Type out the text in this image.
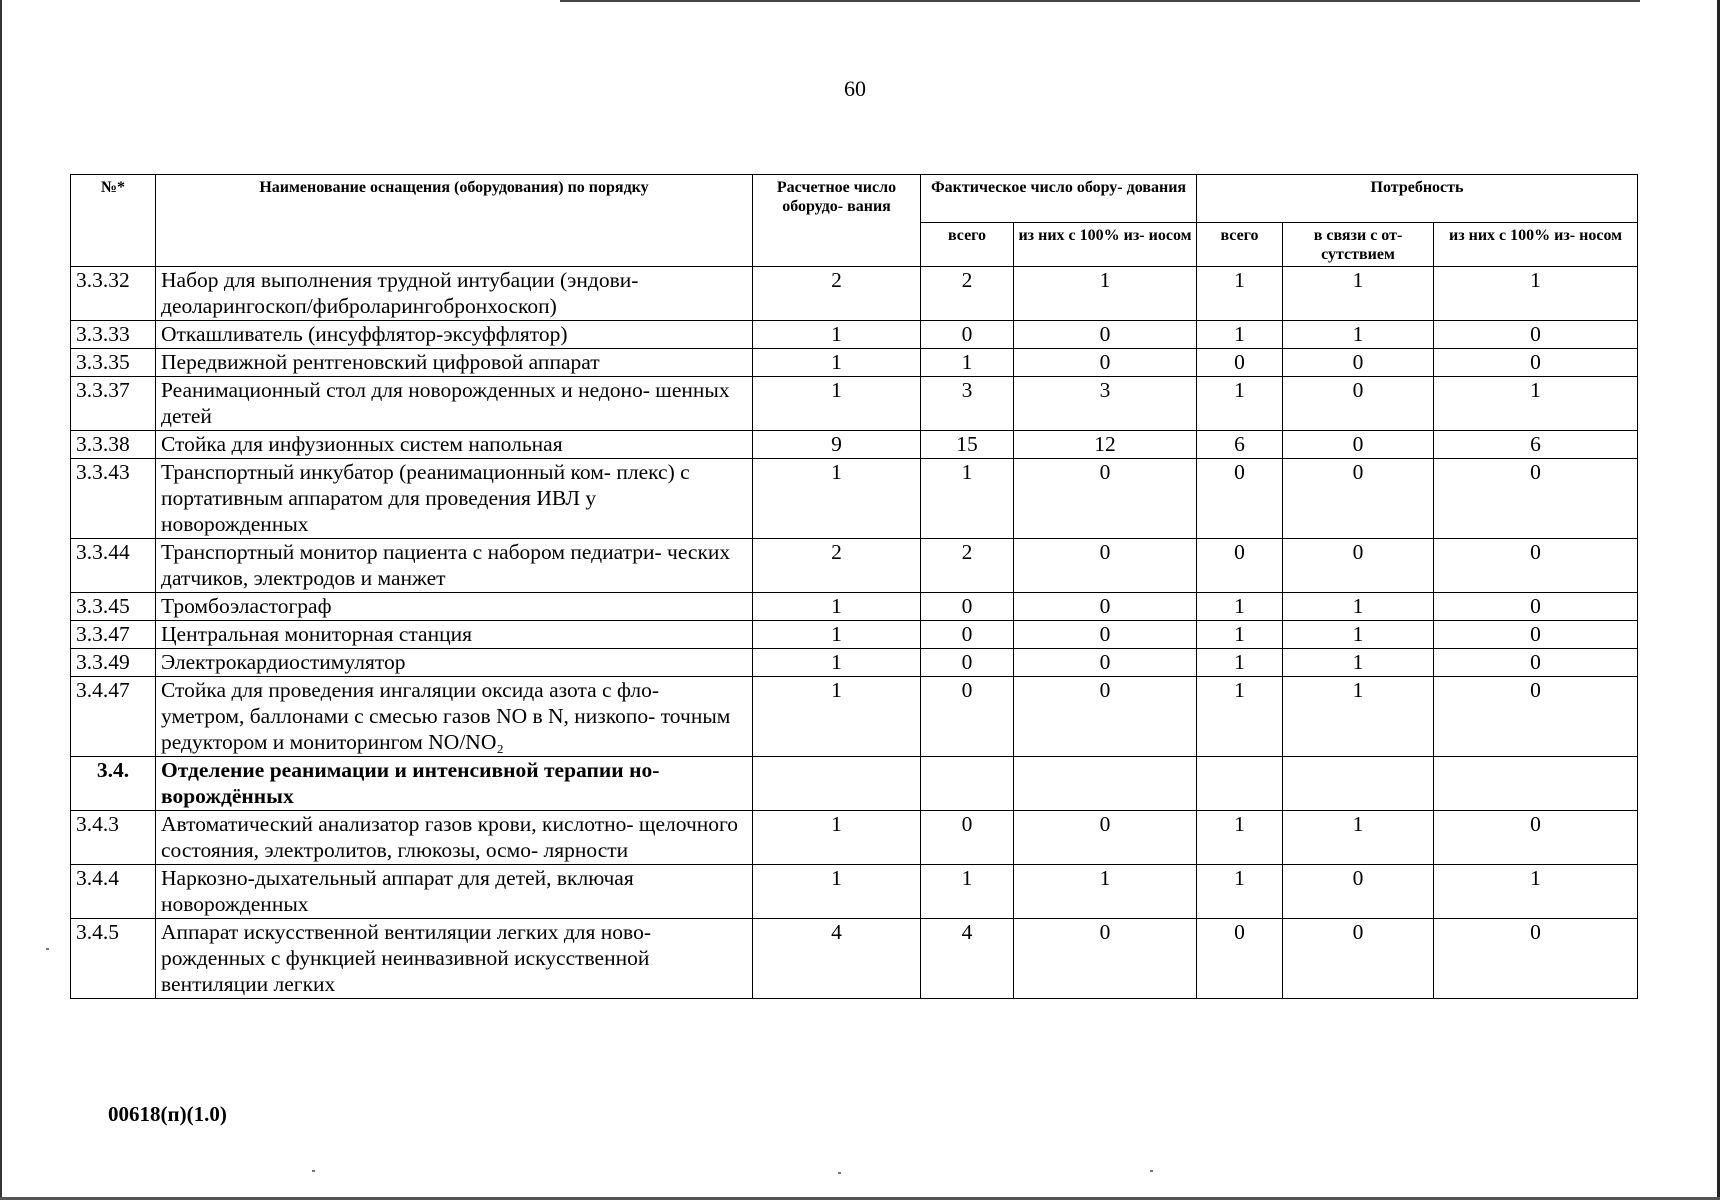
60
№*	Наименование оснащения (оборудования) по порядку	Расчетное число оборудо- вания	Фактическое число обору- дования		Потребность		
			всего	из них с 100% из- иосом	всего	в связи с от- сутствием	из них с 100% из- носом
3.3.32	Набор для выполнения трудной интубации (эндови- деоларингоскоп/фиброларингобронхоскоп)	2	2	1	1	1	1
3.3.33	Откашливатель (инсуффлятор-эксуффлятор)	1	0	0	1	1	0
3.3.35	Передвижной рентгеновский цифровой аппарат	1	1	0	0	0	0
3.3.37	Реанимационный стол для новорожденных и недоно- шенных детей	1	3	3	1	0	1
3.3.38	Стойка для инфузионных систем напольная	9	15	12	6	0	6
3.3.43	Транспортный инкубатор (реанимационный ком- плекс) с портативным аппаратом для проведения ИВЛ у новорожденных	1	1	0	0	0	0
3.3.44	Транспортный монитор пациента с набором педиатри- ческих датчиков, электродов и манжет	2	2	0	0	0	0
3.3.45	Тромбоэластограф	1	0	0	1	1	0
3.3.47	Центральная мониторная станция	1	0	0	1	1	0
3.3.49	Электрокардиостимулятор	1	0	0	1	1	0
3.4.47	Стойка для проведения ингаляции оксида азота с фло- уметром, баллонами с смесью газов NO в N, низкопо- точным редуктором и мониторингом NO/NO₂	1	0	0	1	1	0
3.4.	Отделение реанимации и интенсивной терапии но- ворождённых						
3.4.3	Автоматический анализатор газов крови, кислотно- щелочного состояния, электролитов, глюкозы, осмо- лярности	1	0	0	1	1	0
3.4.4	Наркозно-дыхательный аппарат для детей, включая новорожденных	1	1	1	1	0	1
3.4.5	Аппарат искусственной вентиляции легких для ново- рожденных с функцией неинвазивной искусственной вентиляции легких	4	4	0	0	0	0
00618(п)(1.0)
